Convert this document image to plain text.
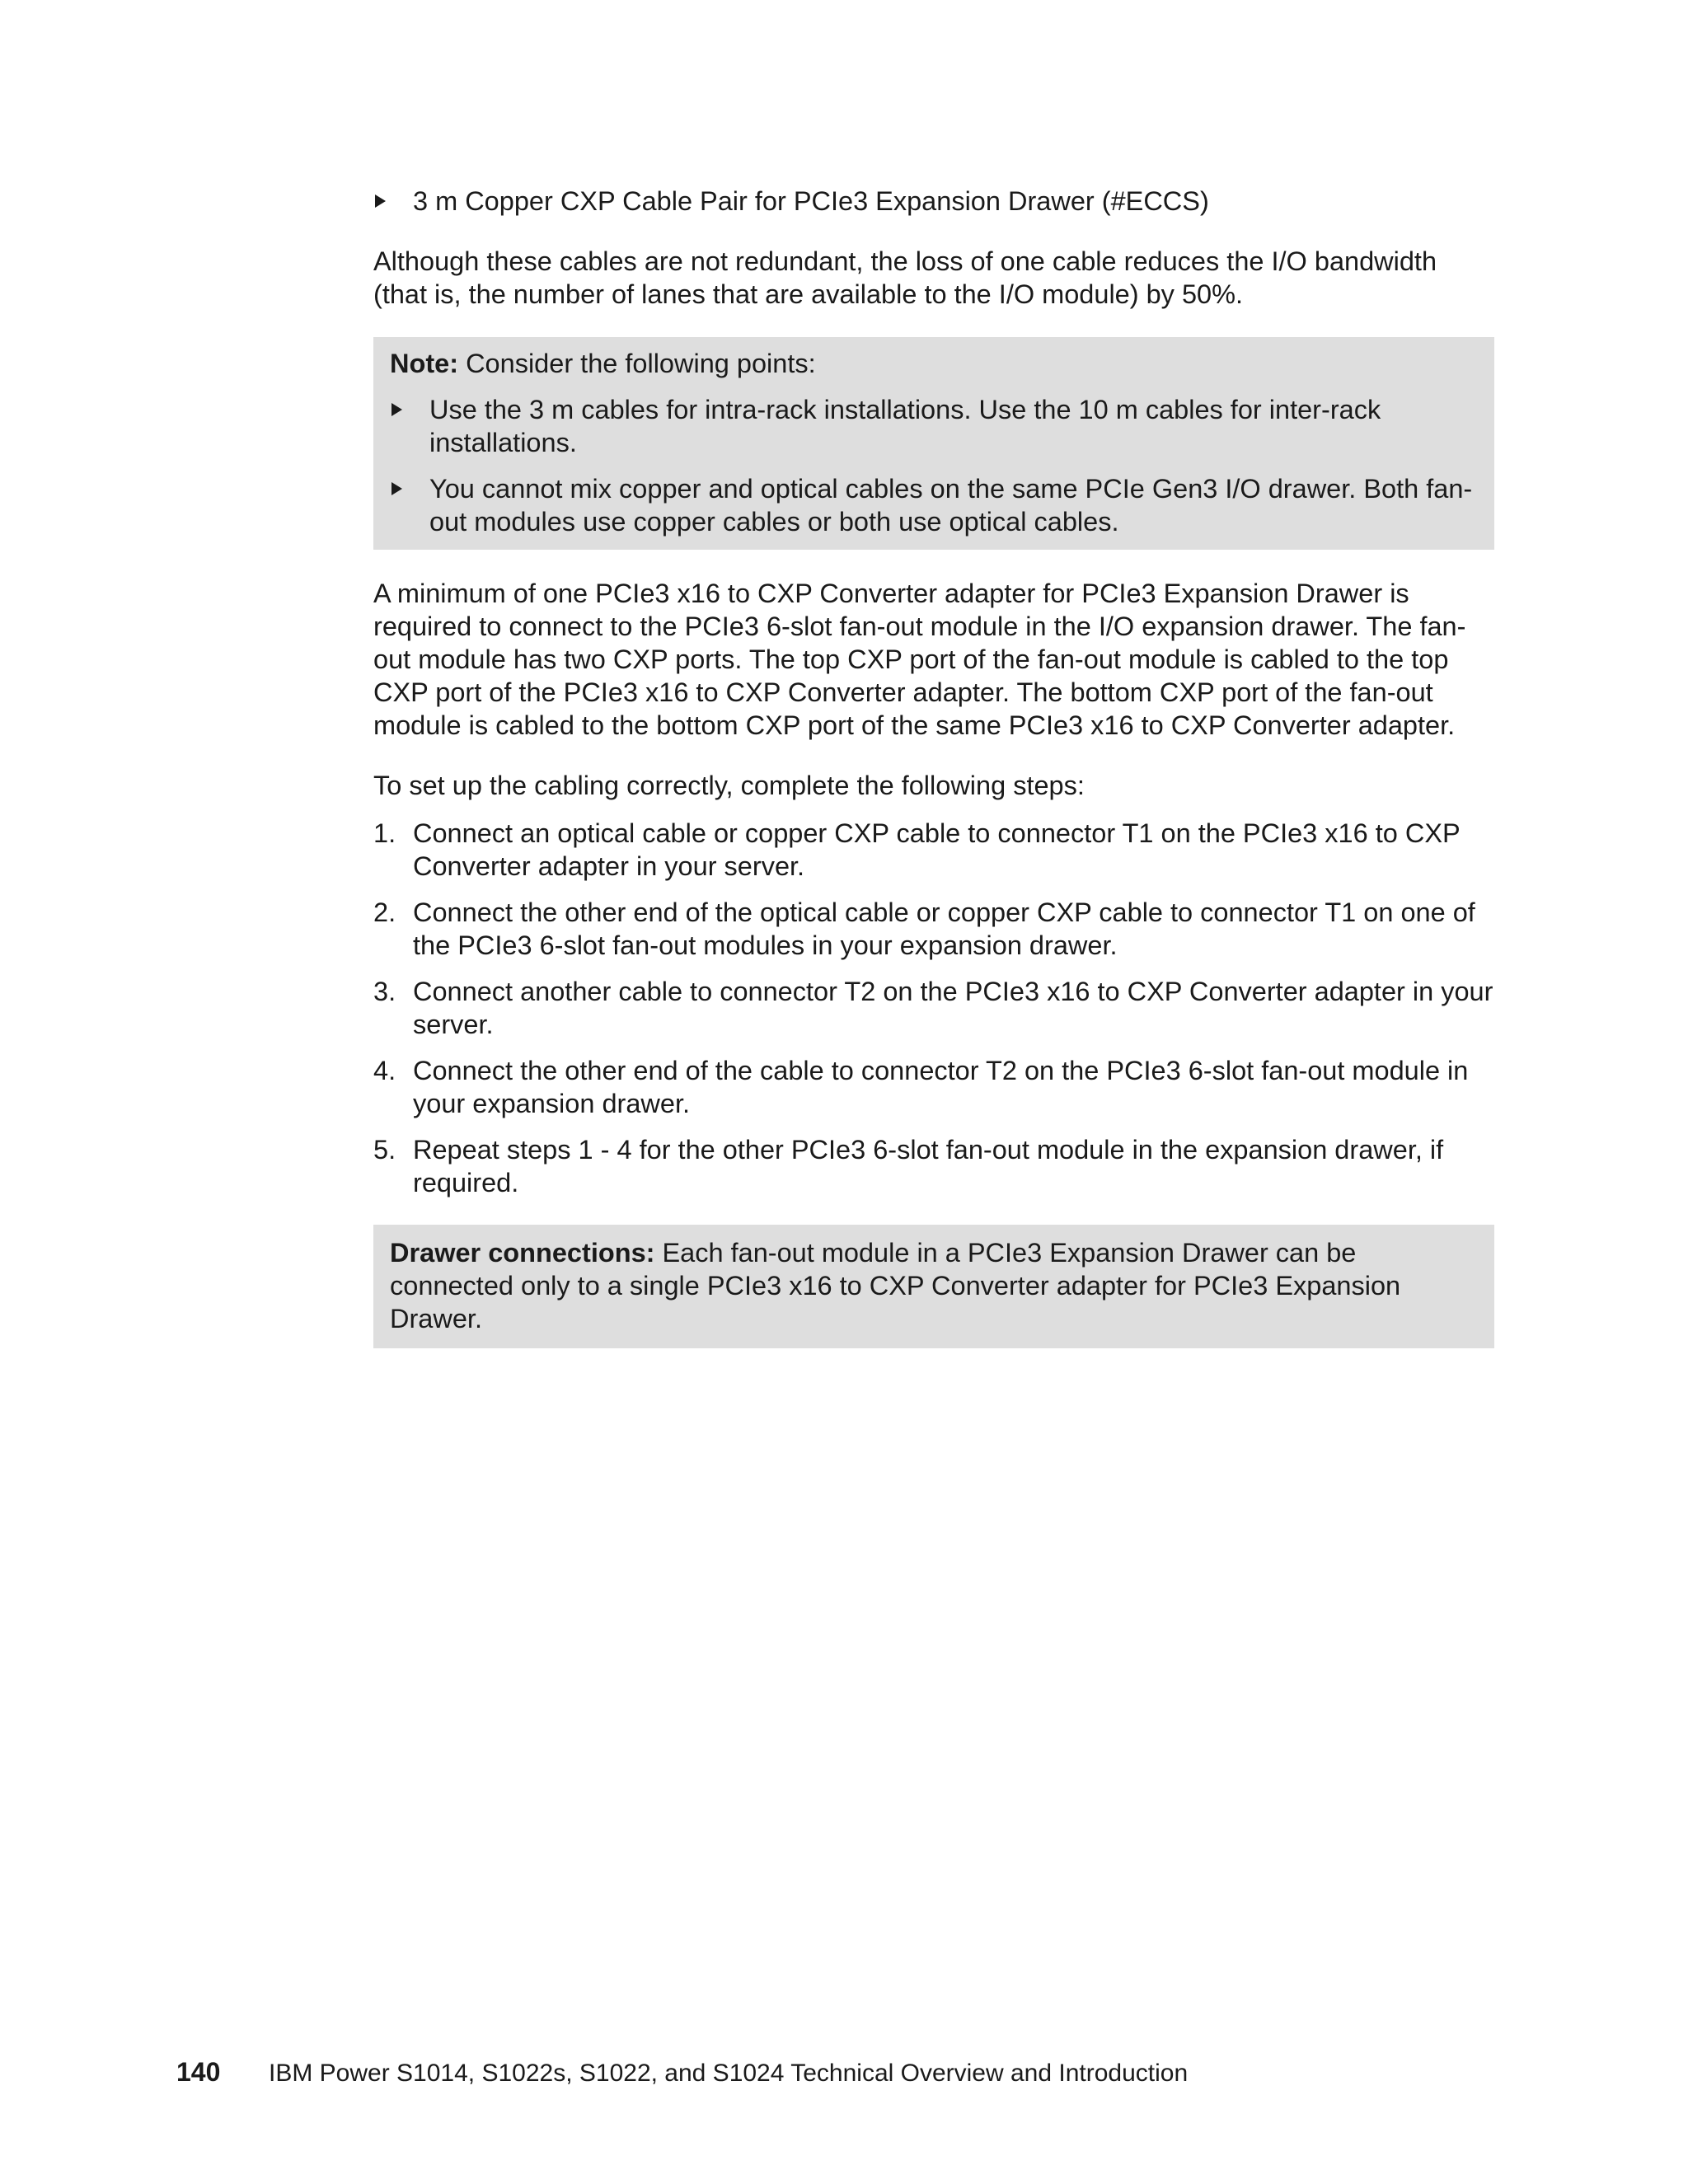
3 m Copper CXP Cable Pair for PCIe3 Expansion Drawer (#ECCS)

Although these cables are not redundant, the loss of one cable reduces the I/O bandwidth (that is, the number of lanes that are available to the I/O module) by 50%.

Note: Consider the following points:

Use the 3 m cables for intra-rack installations. Use the 10 m cables for inter-rack installations.

You cannot mix copper and optical cables on the same PCIe Gen3 I/O drawer. Both fan-out modules use copper cables or both use optical cables.

A minimum of one PCIe3 x16 to CXP Converter adapter for PCIe3 Expansion Drawer is required to connect to the PCIe3 6-slot fan-out module in the I/O expansion drawer. The fan-out module has two CXP ports. The top CXP port of the fan-out module is cabled to the top CXP port of the PCIe3 x16 to CXP Converter adapter. The bottom CXP port of the fan-out module is cabled to the bottom CXP port of the same PCIe3 x16 to CXP Converter adapter.

To set up the cabling correctly, complete the following steps:

1. Connect an optical cable or copper CXP cable to connector T1 on the PCIe3 x16 to CXP Converter adapter in your server.
2. Connect the other end of the optical cable or copper CXP cable to connector T1 on one of the PCIe3 6-slot fan-out modules in your expansion drawer.
3. Connect another cable to connector T2 on the PCIe3 x16 to CXP Converter adapter in your server.
4. Connect the other end of the cable to connector T2 on the PCIe3 6-slot fan-out module in your expansion drawer.
5. Repeat steps 1 - 4 for the other PCIe3 6-slot fan-out module in the expansion drawer, if required.

Drawer connections: Each fan-out module in a PCIe3 Expansion Drawer can be connected only to a single PCIe3 x16 to CXP Converter adapter for PCIe3 Expansion Drawer.

140 IBM Power S1014, S1022s, S1022, and S1024 Technical Overview and Introduction
